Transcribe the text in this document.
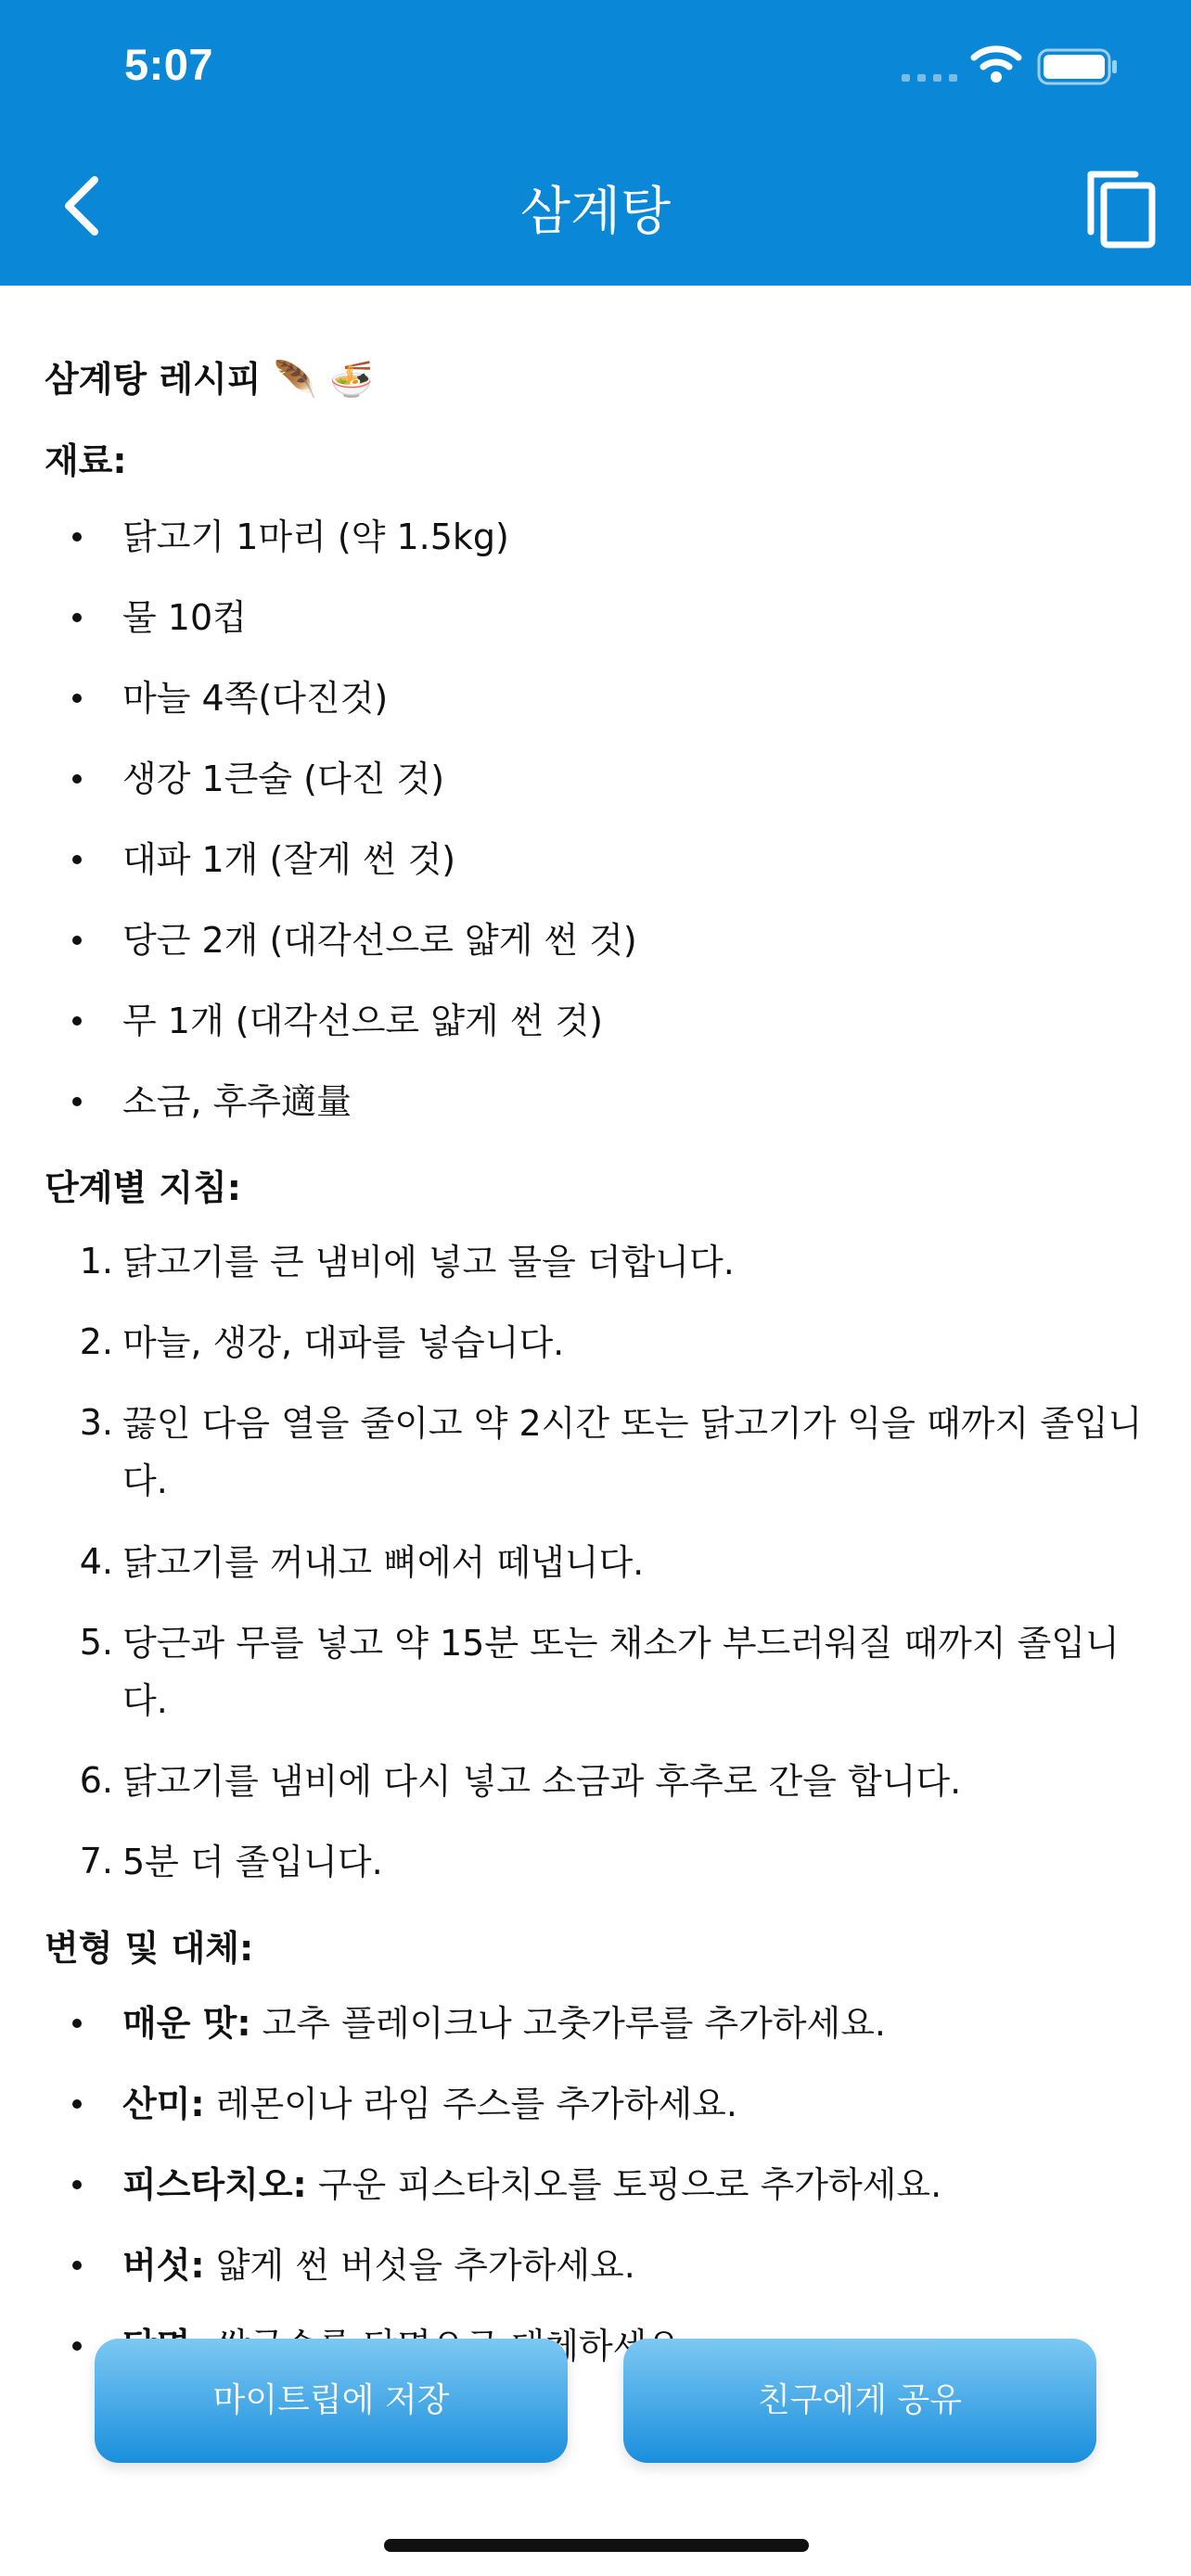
5:07
삼계탕
삼계탕 레시피 🪶 🍜
재료:
닭고기 1마리 (약 1.5kg)
물 10컵
마늘 4쪽(다진것)
생강 1큰술 (다진 것)
대파 1개 (잘게 썬 것)
당근 2개 (대각선으로 얇게 썬 것)
무 1개 (대각선으로 얇게 썬 것)
소금, 후추適量
단계별 지침:
1. 닭고기를 큰 냄비에 넣고 물을 더합니다.
2. 마늘, 생강, 대파를 넣습니다.
3. 끓인 다음 열을 줄이고 약 2시간 또는 닭고기가 익을 때까지 졸입니다.
4. 닭고기를 꺼내고 뼈에서 떼냅니다.
5. 당근과 무를 넣고 약 15분 또는 채소가 부드러워질 때까지 졸입니다.
6. 닭고기를 냄비에 다시 넣고 소금과 후추로 간을 합니다.
7. 5분 더 졸입니다.
변형 및 대체:
매운 맛: 고추 플레이크나 고춧가루를 추가하세요.
산미: 레몬이나 라임 주스를 추가하세요.
피스타치오: 구운 피스타치오를 토핑으로 추가하세요.
버섯: 얇게 썬 버섯을 추가하세요.
대체하세요.
마이트립에 저장	친구에게 공유
